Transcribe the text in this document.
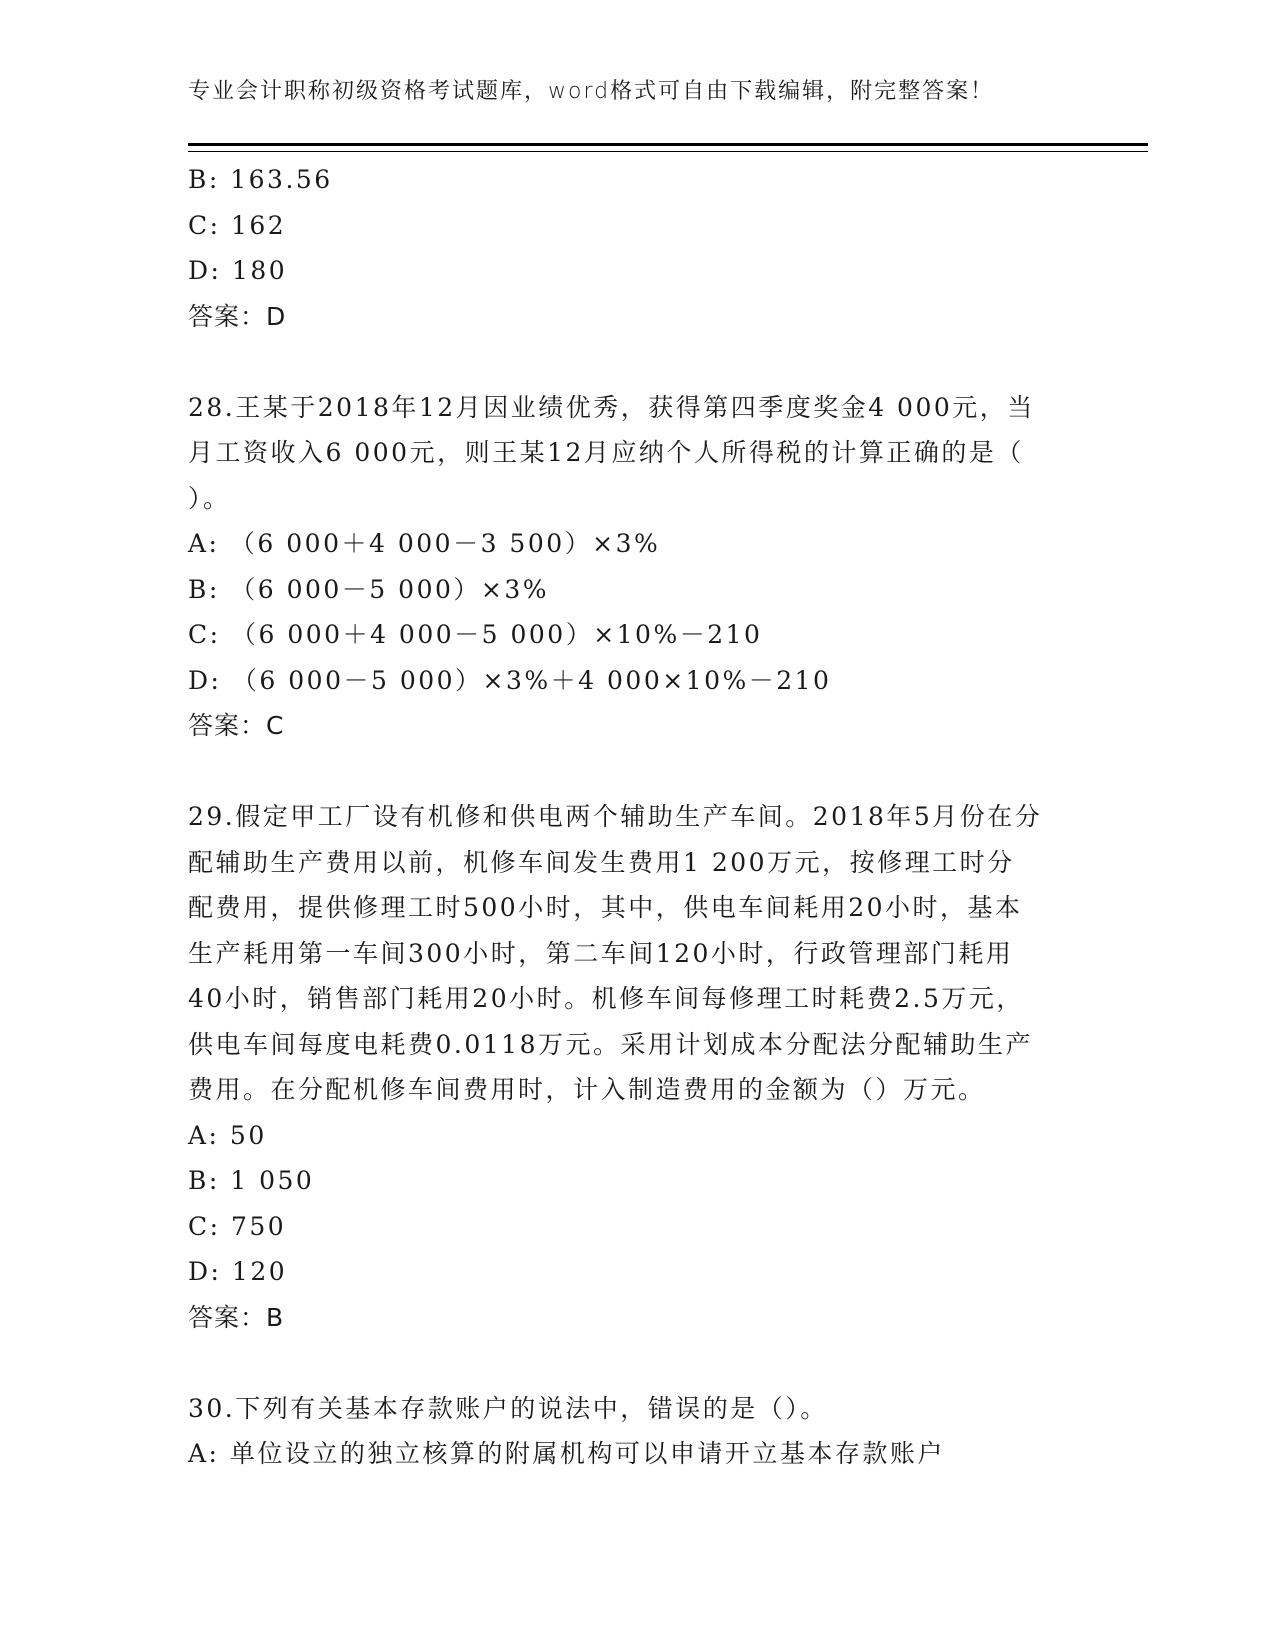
专业会计职称初级资格考试题库，word格式可自由下载编辑，附完整答案！
B: 163.56
C: 162
D: 180
答案：D
28.王某于2018年12月因业绩优秀，获得第四季度奖金4 000元，当
月工资收入6 000元，则王某12月应纳个人所得税的计算正确的是（
）。
A: （6 000＋4 000－3 500）×3%
B: （6 000－5 000）×3%
C: （6 000＋4 000－5 000）×10%－210
D: （6 000－5 000）×3%＋4 000×10%－210
答案：C
29.假定甲工厂设有机修和供电两个辅助生产车间。2018年5月份在分
配辅助生产费用以前，机修车间发生费用1 200万元，按修理工时分
配费用，提供修理工时500小时，其中，供电车间耗用20小时，基本
生产耗用第一车间300小时，第二车间120小时，行政管理部门耗用
40小时，销售部门耗用20小时。机修车间每修理工时耗费2.5万元，
供电车间每度电耗费0.0118万元。采用计划成本分配法分配辅助生产
费用。在分配机修车间费用时，计入制造费用的金额为（）万元。
A: 50
B: 1 050
C: 750
D: 120
答案：B
30.下列有关基本存款账户的说法中，错误的是（）。
A: 单位设立的独立核算的附属机构可以申请开立基本存款账户
